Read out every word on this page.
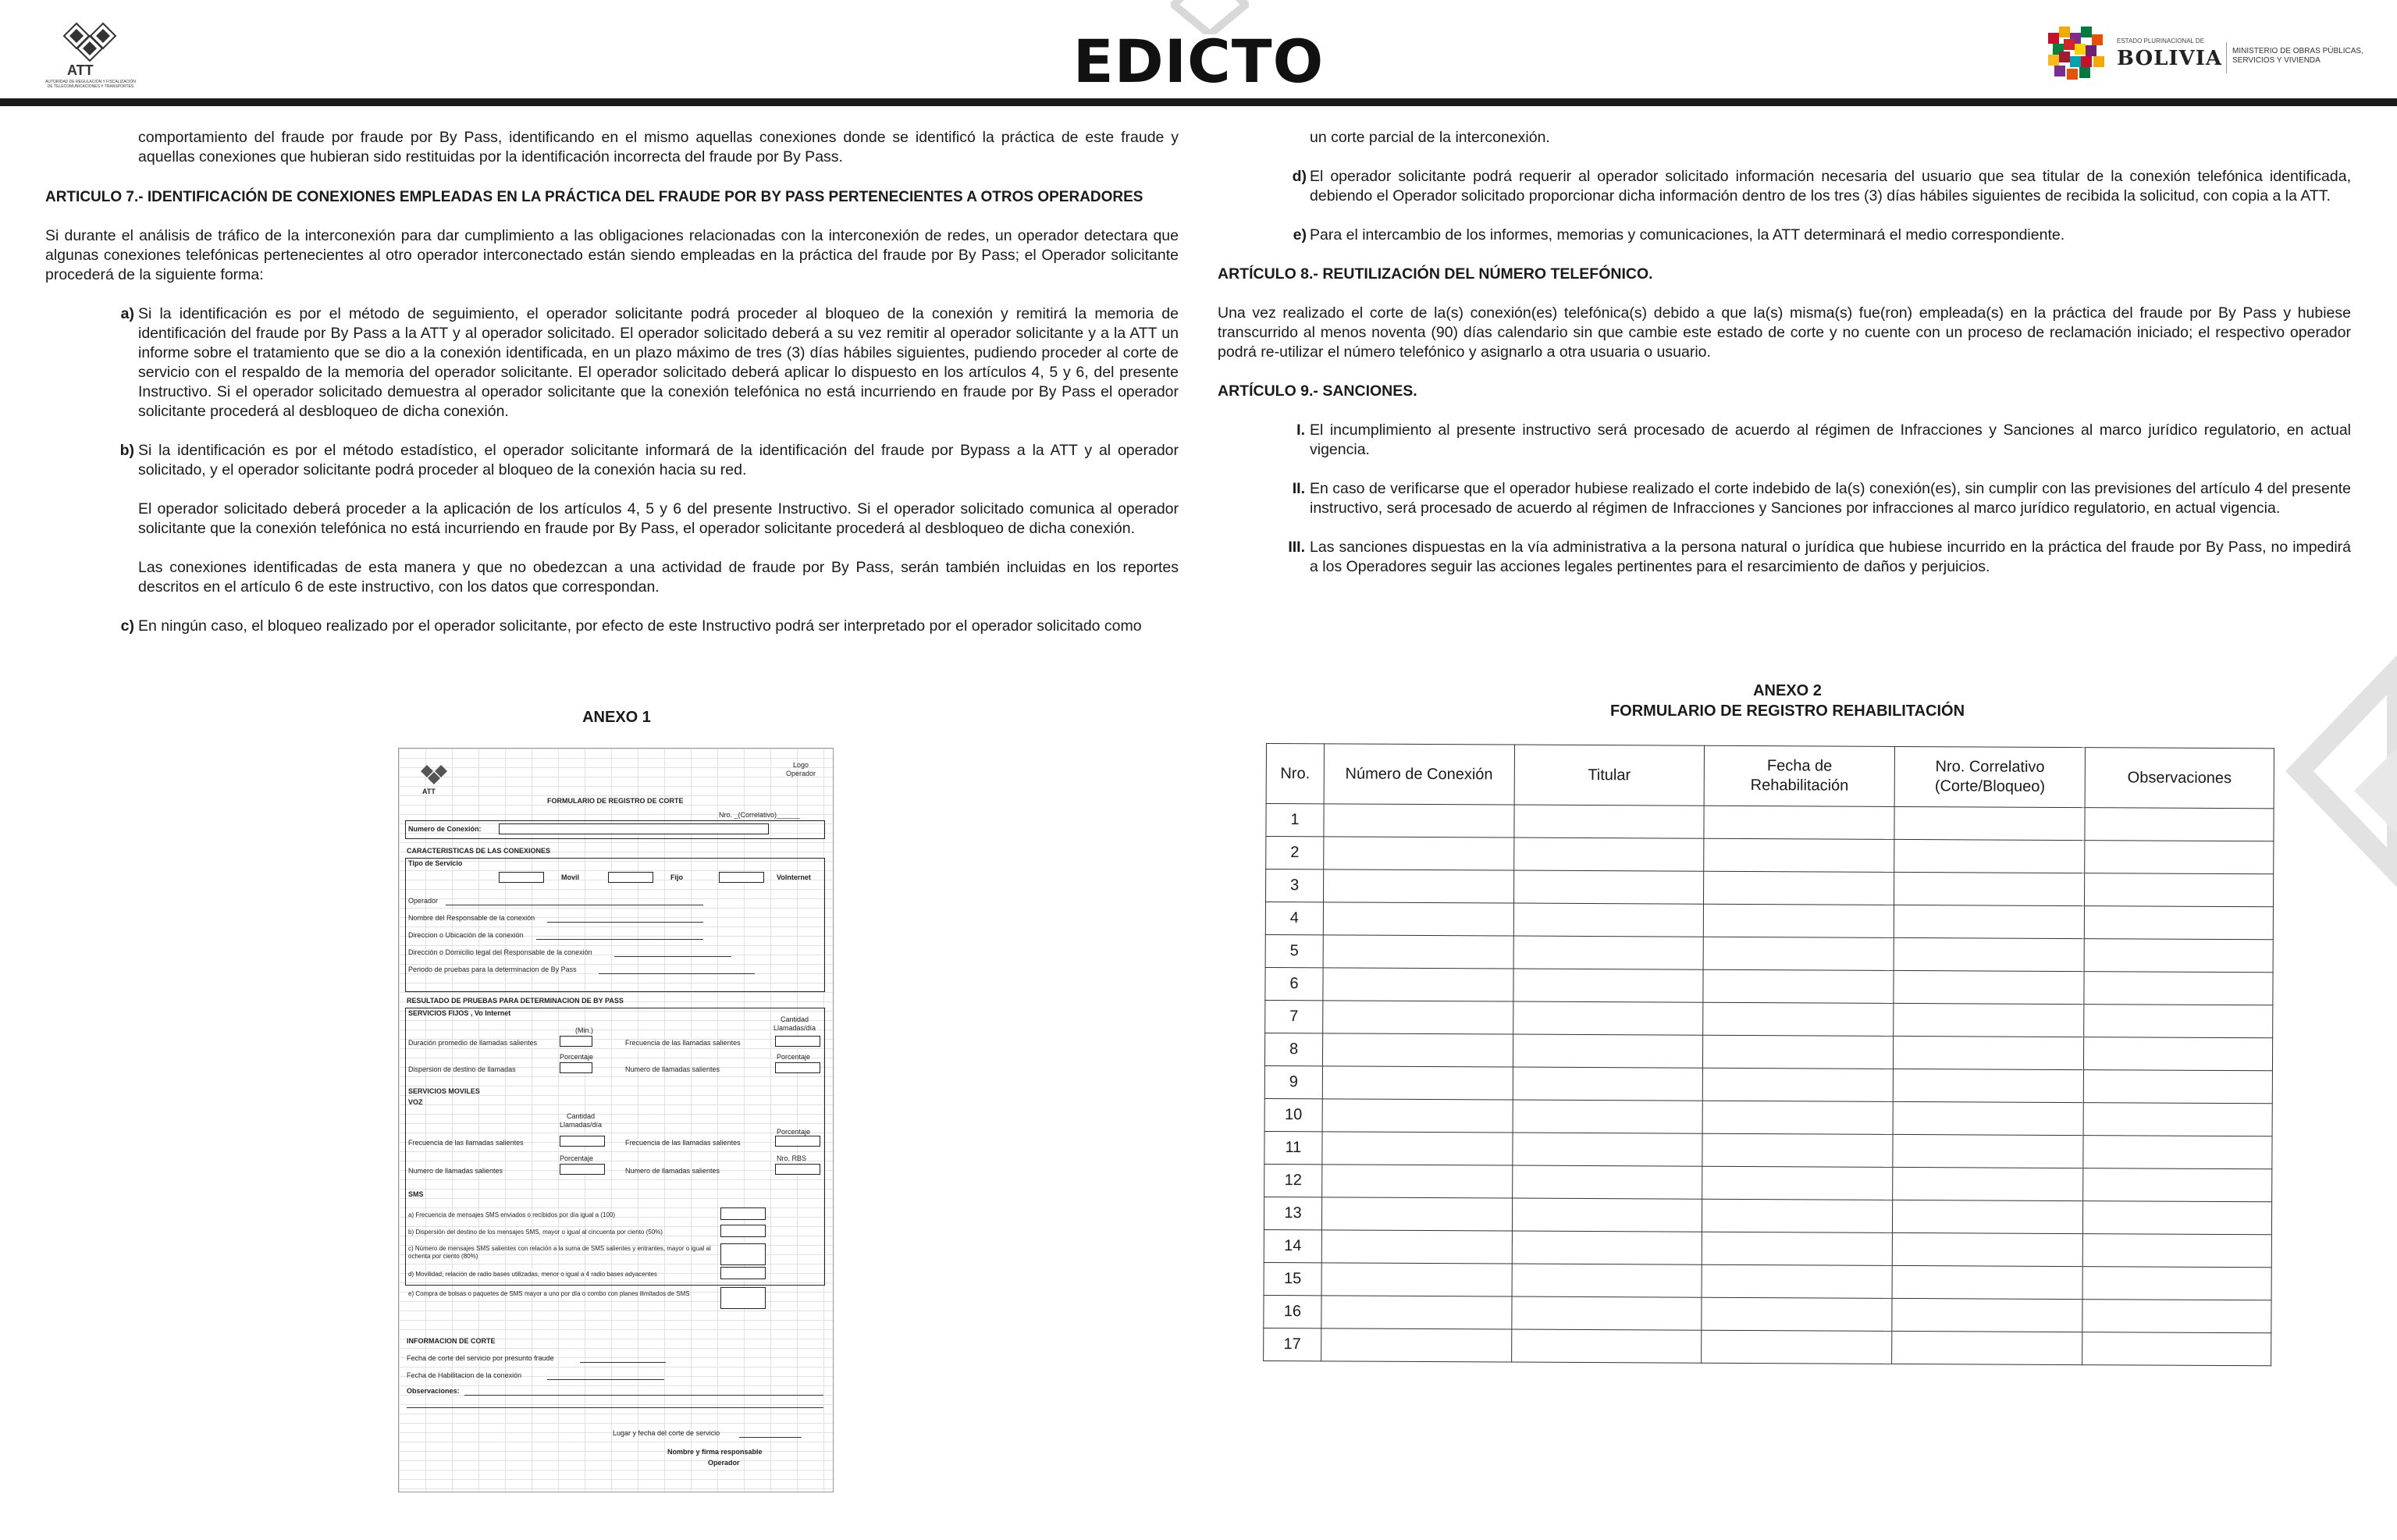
ATT
AUTORIDAD DE REGULACIÓN Y FISCALIZACIÓN DE TELECOMUNICACIONES Y TRANSPORTES	EDICTO	ESTADO PLURINACIONAL DE
BOLIVIA MINISTERIO DE OBRAS PÚBLICAS, SERVICIOS Y VIVIENDA

comportamiento del fraude por fraude por By Pass, identificando en el mismo aquellas conexiones donde se identificó la práctica de este fraude y aquellas conexiones que hubieran sido restituidas por la identificación incorrecta del fraude por By Pass.

ARTICULO 7.- IDENTIFICACIÓN DE CONEXIONES EMPLEADAS EN LA PRÁCTICA DEL FRAUDE POR BY PASS PERTENECIENTES A OTROS OPERADORES

Si durante el análisis de tráfico de la interconexión para dar cumplimiento a las obligaciones relacionadas con la interconexión de redes, un operador detectara que algunas conexiones telefónicas pertenecientes al otro operador interconectado están siendo empleadas en la práctica del fraude por By Pass; el Operador solicitante procederá de la siguiente forma:

a) Si la identificación es por el método de seguimiento, el operador solicitante podrá proceder al bloqueo de la conexión y remitirá la memoria de identificación del fraude por By Pass a la ATT y al operador solicitado. El operador solicitado deberá a su vez remitir al operador solicitante y a la ATT un informe sobre el tratamiento que se dio a la conexión identificada, en un plazo máximo de tres (3) días hábiles siguientes, pudiendo proceder al corte de servicio con el respaldo de la memoria del operador solicitante. El operador solicitado deberá aplicar lo dispuesto en los artículos 4, 5 y 6, del presente Instructivo. Si el operador solicitado demuestra al operador solicitante que la conexión telefónica no está incurriendo en fraude por By Pass el operador solicitante procederá al desbloqueo de dicha conexión.

b) Si la identificación es por el método estadístico, el operador solicitante informará de la identificación del fraude por Bypass a la ATT y al operador solicitado, y el operador solicitante podrá proceder al bloqueo de la conexión hacia su red.

El operador solicitado deberá proceder a la aplicación de los artículos 4, 5 y 6 del presente Instructivo. Si el operador solicitado comunica al operador solicitante que la conexión telefónica no está incurriendo en fraude por By Pass, el operador solicitante procederá al desbloqueo de dicha conexión.

Las conexiones identificadas de esta manera y que no obedezcan a una actividad de fraude por By Pass, serán también incluidas en los reportes descritos en el artículo 6 de este instructivo, con los datos que correspondan.

c) En ningún caso, el bloqueo realizado por el operador solicitante, por efecto de este Instructivo podrá ser interpretado por el operador solicitado como

un corte parcial de la interconexión.

d) El operador solicitante podrá requerir al operador solicitado información necesaria del usuario que sea titular de la conexión telefónica identificada, debiendo el Operador solicitado proporcionar dicha información dentro de los tres (3) días hábiles siguientes de recibida la solicitud, con copia a la ATT.

e) Para el intercambio de los informes, memorias y comunicaciones, la ATT determinará el medio correspondiente.

ARTÍCULO 8.- REUTILIZACIÓN DEL NÚMERO TELEFÓNICO.

Una vez realizado el corte de la(s) conexión(es) telefónica(s) debido a que la(s) misma(s) fue(ron) empleada(s) en la práctica del fraude por By Pass y hubiese transcurrido al menos noventa (90) días calendario sin que cambie este estado de corte y no cuente con un proceso de reclamación iniciado; el respectivo operador podrá re-utilizar el número telefónico y asignarlo a otra usuaria o usuario.

ARTÍCULO 9.- SANCIONES.

I. El incumplimiento al presente instructivo será procesado de acuerdo al régimen de Infracciones y Sanciones al marco jurídico regulatorio, en actual vigencia.

II. En caso de verificarse que el operador hubiese realizado el corte indebido de la(s) conexión(es), sin cumplir con las previsiones del artículo 4 del presente instructivo, será procesado de acuerdo al régimen de Infracciones y Sanciones por infracciones al marco jurídico regulatorio, en actual vigencia.

III. Las sanciones dispuestas en la vía administrativa a la persona natural o jurídica que hubiese incurrido en la práctica del fraude por By Pass, no impedirá a los Operadores seguir las acciones legales pertinentes para el resarcimiento de daños y perjuicios.

ANEXO 1
ATT
Logo
Operador
FORMULARIO DE REGISTRO DE CORTE
Nro. _(Correlativo)______
Numero de Conexión:
CARACTERISTICAS DE LAS CONEXIONES
Tipo de Servicio
Movil	Fijo	VoInternet
Operador
Nombre del Responsable de la conexión
Direccion o Ubicación de la conexión
Dirección o Domicilio legal del Responsable de la conexión
Periodo de pruebas para la determinacion de By Pass
RESULTADO DE PRUEBAS PARA DETERMINACION DE BY PASS
SERVICIOS FIJOS , Vo Internet
(Min.)
Cantidad
Llamadas/día
Duración promedio de llamadas salientes	Frecuencia de las llamadas salientes
Porcentaje	Porcentaje
Dispersion de destino de llamadas	Numero de llamadas salientes
SERVICIOS MOVILES
VOZ
Cantidad
Llamadas/día
Porcentaje
Frecuencia de las llamadas salientes	Frecuencia de las llamadas salientes
Porcentaje	Nro. RBS
Numero de llamadas salientes	Numero de llamadas salientes
SMS
a) Frecuencia de mensajes SMS enviados o recibidos por día igual a (100)
b) Dispersión del destino de los mensajes SMS, mayor o igual al cincuenta por ciento (50%)
c) Número de mensajes SMS salientes con relación a la suma de SMS salientes y entrantes, mayor o igual al ochenta por ciento (80%)
d) Movilidad, relación de radio bases utilizadas, menor o igual a 4 radio bases adyacentes
e) Compra de bolsas o paquetes de SMS mayor a uno por día o combo con planes ilimitados de SMS
INFORMACION DE CORTE
Fecha de corte del servicio por presunto fraude
Fecha de Habilitacion de la conexión
Observaciones:
Lugar y fecha del corte de servicio
Nombre y firma responsable
Operador
ANEXO 2
FORMULARIO DE REGISTRO REHABILITACIÓN
Nro.	Número de Conexión	Titular	Fecha de Rehabilitación	Nro. Correlativo (Corte/Bloqueo)	Observaciones
1					
2					
3					
4					
5					
6					
7					
8					
9					
10					
11					
12					
13					
14					
15					
16					
17					
